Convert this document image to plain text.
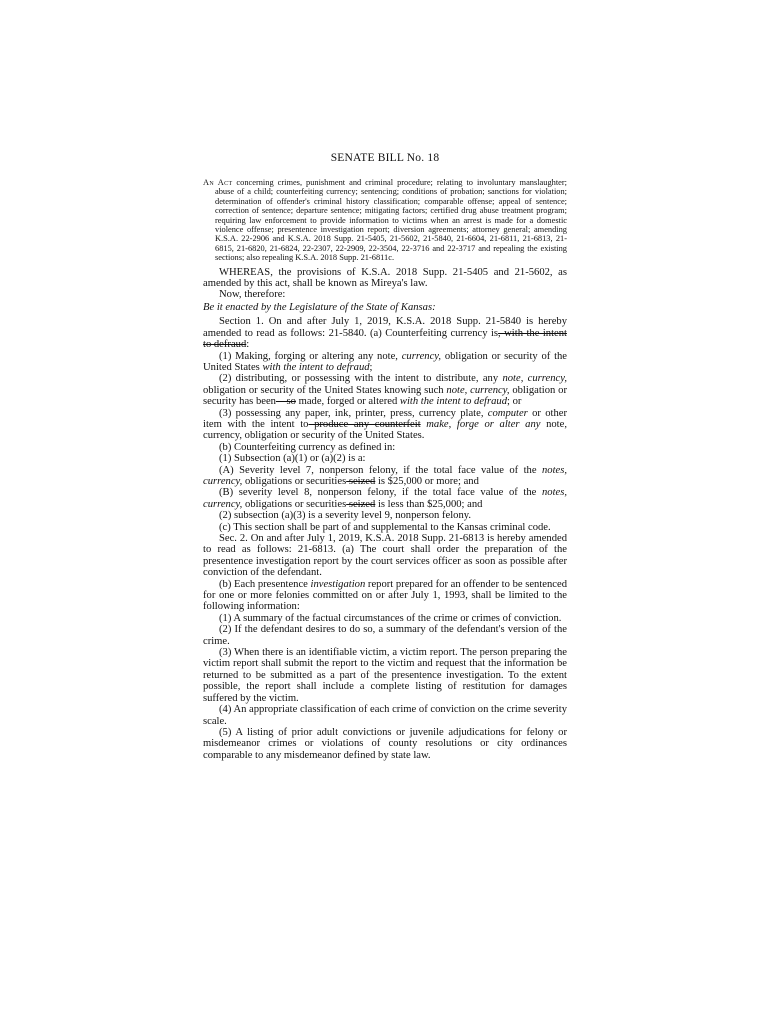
SENATE BILL No. 18

An Act concerning crimes, punishment and criminal procedure; relating to involuntary manslaughter; abuse of a child; counterfeiting currency; sentencing; conditions of probation; sanctions for violation; determination of offender's criminal history classification; comparable offense; appeal of sentence; correction of sentence; departure sentence; mitigating factors; certified drug abuse treatment program; requiring law enforcement to provide information to victims when an arrest is made for a domestic violence offense; presentence investigation report; diversion agreements; attorney general; amending K.S.A. 22-2906 and K.S.A. 2018 Supp. 21-5405, 21-5602, 21-5840, 21-6604, 21-6811, 21-6813, 21-6815, 21-6820, 21-6824, 22-2307, 22-2909, 22-3504, 22-3716 and 22-3717 and repealing the existing sections; also repealing K.S.A. 2018 Supp. 21-6811c.

WHEREAS, the provisions of K.S.A. 2018 Supp. 21-5405 and 21-5602, as amended by this act, shall be known as Mireya's law.

Now, therefore:

Be it enacted by the Legislature of the State of Kansas:

Section 1. On and after July 1, 2019, K.S.A. 2018 Supp. 21-5840 is hereby amended to read as follows: 21-5840. (a) Counterfeiting currency is, with the intent to defraud:

(1) Making, forging or altering any note, currency, obligation or security of the United States with the intent to defraud;

(2) distributing, or possessing with the intent to distribute, any note, currency, obligation or security of the United States knowing such note, currency, obligation or security has been—so made, forged or altered with the intent to defraud; or

(3) possessing any paper, ink, printer, press, currency plate, computer or other item with the intent to produce any counterfeit make, forge or alter any note, currency, obligation or security of the United States.

(b) Counterfeiting currency as defined in:

(1) Subsection (a)(1) or (a)(2) is a:

(A) Severity level 7, nonperson felony, if the total face value of the notes, currency, obligations or securities seized is $25,000 or more; and

(B) severity level 8, nonperson felony, if the total face value of the notes, currency, obligations or securities seized is less than $25,000; and

(2) subsection (a)(3) is a severity level 9, nonperson felony.

(c) This section shall be part of and supplemental to the Kansas criminal code.

Sec. 2. On and after July 1, 2019, K.S.A. 2018 Supp. 21-6813 is hereby amended to read as follows: 21-6813. (a) The court shall order the preparation of the presentence investigation report by the court services officer as soon as possible after conviction of the defendant.

(b) Each presentence investigation report prepared for an offender to be sentenced for one or more felonies committed on or after July 1, 1993, shall be limited to the following information:

(1) A summary of the factual circumstances of the crime or crimes of conviction.

(2) If the defendant desires to do so, a summary of the defendant's version of the crime.

(3) When there is an identifiable victim, a victim report. The person preparing the victim report shall submit the report to the victim and request that the information be returned to be submitted as a part of the presentence investigation. To the extent possible, the report shall include a complete listing of restitution for damages suffered by the victim.

(4) An appropriate classification of each crime of conviction on the crime severity scale.

(5) A listing of prior adult convictions or juvenile adjudications for felony or misdemeanor crimes or violations of county resolutions or city ordinances comparable to any misdemeanor defined by state law.
